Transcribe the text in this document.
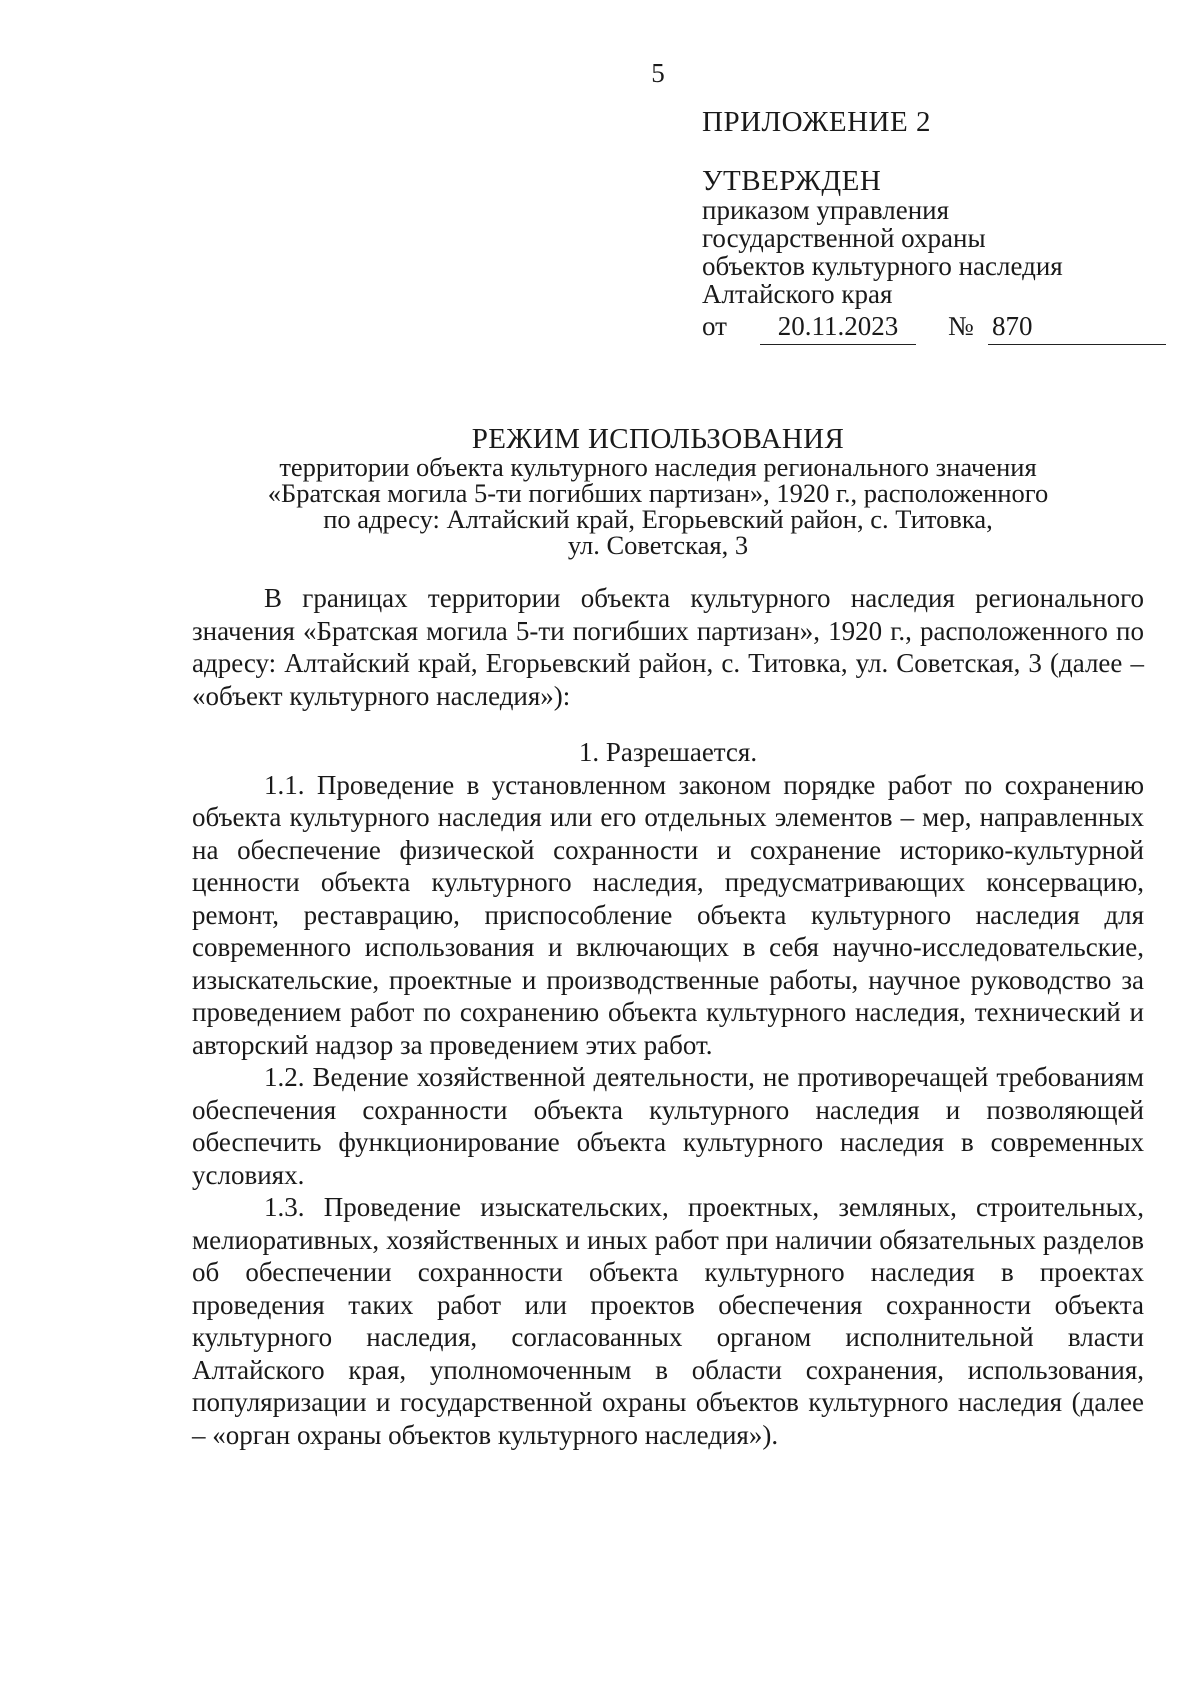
5
ПРИЛОЖЕНИЕ 2
УТВЕРЖДЕН
приказом управления
государственной охраны
объектов культурного наследия
Алтайского края
от	20.11.2023	№ 870
РЕЖИМ ИСПОЛЬЗОВАНИЯ
территории объекта культурного наследия регионального значения
«Братская могила 5-ти погибших партизан», 1920 г., расположенного
по адресу: Алтайский край, Егорьевский район, с. Титовка,
ул. Советская, 3

В границах территории объекта культурного наследия регионального значения «Братская могила 5-ти погибших партизан», 1920 г., расположенного по адресу: Алтайский край, Егорьевский район, с. Титовка, ул. Советская, 3 (далее – «объект культурного наследия»):

1. Разрешается.

1.1. Проведение в установленном законом порядке работ по сохранению объекта культурного наследия или его отдельных элементов – мер, направленных на обеспечение физической сохранности и сохранение историко-культурной ценности объекта культурного наследия, предусматривающих консервацию, ремонт, реставрацию, приспособление объекта культурного наследия для современного использования и включающих в себя научно-исследовательские, изыскательские, проектные и производственные работы, научное руководство за проведением работ по сохранению объекта культурного наследия, технический и авторский надзор за проведением этих работ.

1.2. Ведение хозяйственной деятельности, не противоречащей требованиям обеспечения сохранности объекта культурного наследия и позволяющей обеспечить функционирование объекта культурного наследия в современных условиях.

1.3. Проведение изыскательских, проектных, земляных, строительных, мелиоративных, хозяйственных и иных работ при наличии обязательных разделов об обеспечении сохранности объекта культурного наследия в проектах проведения таких работ или проектов обеспечения сохранности объекта культурного наследия, согласованных органом исполнительной власти Алтайского края, уполномоченным в области сохранения, использования, популяризации и государственной охраны объектов культурного наследия (далее – «орган охраны объектов культурного наследия»).
